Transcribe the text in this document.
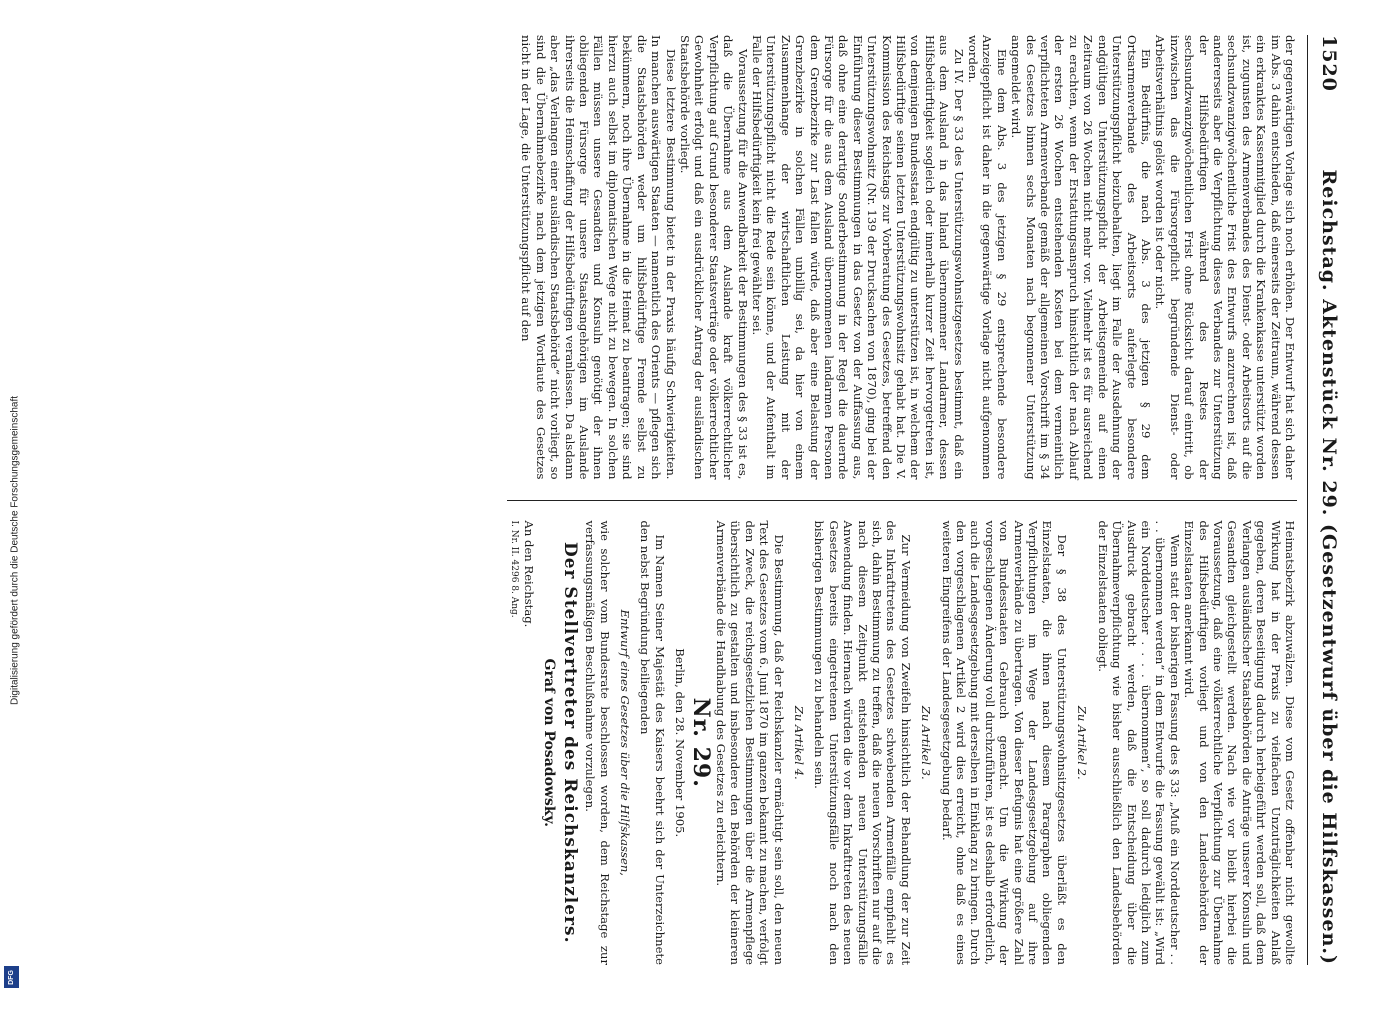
Digitalisierung gefördert durch die Deutsche Forschungsgemeinschaft
DFG
1520
Reichstag. Aktenstück Nr. 29. (Gesetzentwurf über die Hilfskassen.)

der gegenwärtigen Vorlage sich noch erhöhen. Der Entwurf hat sich daher im Abs. 3 dahin entschieden, daß einerseits der Zeitraum, während dessen ein erkranktes Kassenmitglied durch die Krankenkasse unterstützt worden ist, zugunsten des Armenverbandes des Dienst- oder Arbeitsorts auf die sechsundzwanzigwöchentliche Frist des Entwurfs anzurechnen ist, daß andererseits aber die Verpflichtung dieses Verbandes zur Unterstützung der Hilfsbedürftigen während des Restes der sechsundzwanzigwöchentlichen Frist ohne Rücksicht darauf eintritt, ob inzwischen das die Fürsorgepflicht begründende Dienst- oder Arbeitsverhältnis gelöst worden ist oder nicht.

Ein Bedürfnis, die nach Abs. 3 des jetzigen § 29 dem Ortsarmenverbande des Arbeitsorts auferlegte besondere Unterstützungspflicht beizubehalten, liegt im Falle der Ausdehnung der endgültigen Unterstützungspflicht der Arbeitsgemeinde auf einen Zeitraum von 26 Wochen nicht mehr vor. Vielmehr ist es für ausreichend zu erachten, wenn der Erstattungsanspruch hinsichtlich der nach Ablauf der ersten 26 Wochen entstehenden Kosten bei dem vermeintlich verpflichteten Armenverbande gemäß der allgemeinen Vorschrift im § 34 des Gesetzes binnen sechs Monaten nach begonnener Unterstützung angemeldet wird.

Eine dem Abs. 3 des jetzigen § 29 entsprechende besondere Anzeigepflicht ist daher in die gegenwärtige Vorlage nicht aufgenommen worden.

Zu IV. Der § 33 des Unterstützungswohnsitzgesetzes bestimmt, daß ein aus dem Ausland in das Inland übernommener Landarmer, dessen Hilfsbedürftigkeit sogleich oder innerhalb kurzer Zeit hervorgetreten ist, von demjenigen Bundesstaat endgültig zu unterstützen ist, in welchem der Hilfsbedürftige seinen letzten Unterstützungswohnsitz gehabt hat. Die V. Kommission des Reichstags zur Vorberatung des Gesetzes, betreffend den Unterstützungswohnsitz (Nr. 139 der Drucksachen von 1870), ging bei der Einführung dieser Bestimmungen in das Gesetz von der Auffassung aus, daß ohne eine derartige Sonderbestimmung in der Regel die dauernde Fürsorge für die aus dem Ausland übernommenen landarmen Personen dem Grenzbezirke zur Last fallen würde, daß aber eine Belastung der Grenzbezirke in solchen Fällen unbillig sei, da hier von einem Zusammenhange der wirtschaftlichen Leistung mit der Unterstützungspflicht nicht die Rede sein könne, und der Aufenthalt im Falle der Hilfsbedürftigkeit kein frei gewählter sei.

Voraussetzung für die Anwendbarkeit der Bestimmungen des § 33 ist es, daß die Übernahme aus dem Auslande kraft völkerrechtlicher Verpflichtung auf Grund besonderer Staatsverträge oder völkerrechtlicher Gewohnheit erfolgt und daß ein ausdrücklicher Antrag der ausländischen Staatsbehörde vorliegt.

Diese letztere Bestimmung bietet in der Praxis häufig Schwierigkeiten. In manchen auswärtigen Staaten — namentlich des Orients — pflegen sich die Staatsbehörden weder um hilfsbedürftige Fremde selbst zu bekümmern, noch ihre Übernahme in die Heimat zu beantragen; sie sind hierzu auch selbst im diplomatischen Wege nicht zu bewegen. In solchen Fällen müssen unsere Gesandten und Konsuln genötigt der ihnen obliegenden Fürsorge für unsere Staatsangehörigen im Auslande ihrerseits die Heimschaffung der Hilfsbedürftigen veranlassen. Da alsdann aber „das Verlangen einer ausländischen Staatsbehörde“ nicht vorliegt, so sind die Übernahmebezirke nach dem jetzigen Wortlaute des Gesetzes nicht in der Lage, die Unterstützungspflicht auf den

Heimatsbezirk abzuwälzen. Diese vom Gesetz offenbar nicht gewollte Wirkung hat in der Praxis zu vielfachen Unzuträglichkeiten Anlaß gegeben, deren Beseitigung dadurch herbeigeführt werden soll, daß dem Verlangen ausländischer Staatsbehörden die Anträge unserer Konsuln und Gesandten gleichgestellt werden. Nach wie vor bleibt hierbei die Voraussetzung, daß eine völkerrechtliche Verpflichtung zur Übernahme des Hilfsbedürftigen vorliegt und von den Landesbehörden der Einzelstaaten anerkannt wird.

Wenn statt der bisherigen Fassung des § 33: „Muß ein Norddeutscher . . . . übernommen werden“ in dem Entwurfe die Fassung gewählt ist: „Wird ein Norddeutscher . . . . übernommen“, so soll dadurch lediglich zum Ausdruck gebracht werden, daß die Entscheidung über die Übernahmeverpflichtung wie bisher ausschließlich den Landesbehörden der Einzelstaaten obliegt.

Zu Artikel 2.

Der § 38 des Unterstützungswohnsitzgesetzes überläßt es den Einzelstaaten, die ihnen nach diesem Paragraphen obliegenden Verpflichtungen im Wege der Landesgesetzgebung auf ihre Armenverbände zu übertragen. Von dieser Befugnis hat eine größere Zahl von Bundesstaaten Gebrauch gemacht. Um die Wirkung der vorgeschlagenen Änderung voll durchzuführen, ist es deshalb erforderlich, auch die Landesgesetzgebung mit derselben in Einklang zu bringen. Durch den vorgeschlagenen Artikel 2 wird dies erreicht, ohne daß es eines weiteren Eingreifens der Landesgesetzgebung bedarf.

Zu Artikel 3.

Zur Vermeidung von Zweifeln hinsichtlich der Behandlung der zur Zeit des Inkrafttretens des Gesetzes schwebenden Armenfälle empfiehlt es sich, dahin Bestimmung zu treffen, daß die neuen Vorschriften nur auf die nach diesem Zeitpunkt entstehenden neuen Unterstützungsfälle Anwendung finden. Hiernach würden die vor dem Inkrafttreten des neuen Gesetzes bereits eingetretenen Unterstützungsfälle noch nach den bisherigen Bestimmungen zu behandeln sein.

Zu Artikel 4.

Die Bestimmung, daß der Reichskanzler ermächtigt sein soll, den neuen Text des Gesetzes vom 6. Juni 1870 im ganzen bekannt zu machen, verfolgt den Zweck, die reichsgesetzlichen Bestimmungen über die Armenpflege übersichtlich zu gestalten und insbesondere den Behörden der kleineren Armenverbände die Handhabung des Gesetzes zu erleichtern.

Nr. 29.

Berlin, den 28. November 1905.

Im Namen Seiner Majestät des Kaisers beehrt sich der Unterzeichnete den nebst Begründung beiliegenden

Entwurf eines Gesetzes über die Hilfskassen,

wie solcher vom Bundesrate beschlossen worden, dem Reichstage zur verfassungsmäßigen Beschlußnahme vorzulegen.

Der Stellvertreter des Reichskanzlers.

Graf von Posadowsky.

An den Reichstag.

I. Nr. II. 4296 8. Ang.
